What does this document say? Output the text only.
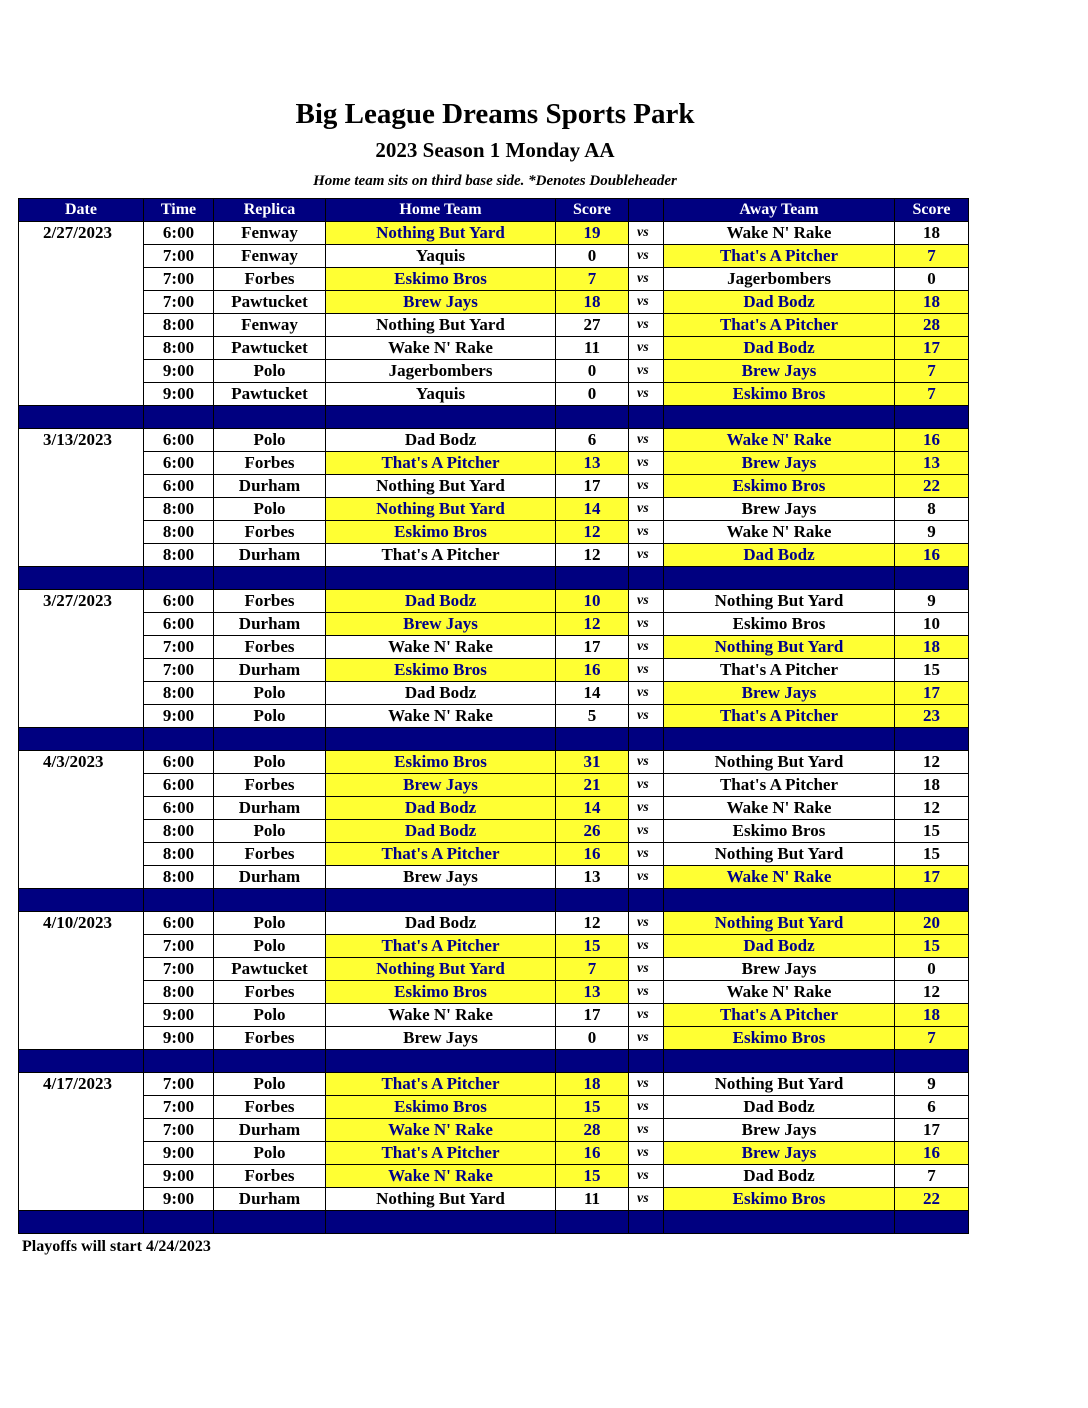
Big League Dreams Sports Park
2023 Season 1 Monday AA
Home team sits on third base side. *Denotes Doubleheader
Date	Time	Replica	Home Team	Score		Away Team	Score
2/27/2023	6:00	Fenway	Nothing But Yard	19	vs	Wake N' Rake	18
	7:00	Fenway	Yaquis	0	vs	That's A Pitcher	7
	7:00	Forbes	Eskimo Bros	7	vs	Jagerbombers	0
	7:00	Pawtucket	Brew Jays	18	vs	Dad Bodz	18
	8:00	Fenway	Nothing But Yard	27	vs	That's A Pitcher	28
	8:00	Pawtucket	Wake N' Rake	11	vs	Dad Bodz	17
	9:00	Polo	Jagerbombers	0	vs	Brew Jays	7
	9:00	Pawtucket	Yaquis	0	vs	Eskimo Bros	7

3/13/2023	6:00	Polo	Dad Bodz	6	vs	Wake N' Rake	16
	6:00	Forbes	That's A Pitcher	13	vs	Brew Jays	13
	6:00	Durham	Nothing But Yard	17	vs	Eskimo Bros	22
	8:00	Polo	Nothing But Yard	14	vs	Brew Jays	8
	8:00	Forbes	Eskimo Bros	12	vs	Wake N' Rake	9
	8:00	Durham	That's A Pitcher	12	vs	Dad Bodz	16

3/27/2023	6:00	Forbes	Dad Bodz	10	vs	Nothing But Yard	9
	6:00	Durham	Brew Jays	12	vs	Eskimo Bros	10
	7:00	Forbes	Wake N' Rake	17	vs	Nothing But Yard	18
	7:00	Durham	Eskimo Bros	16	vs	That's A Pitcher	15
	8:00	Polo	Dad Bodz	14	vs	Brew Jays	17
	9:00	Polo	Wake N' Rake	5	vs	That's A Pitcher	23

4/3/2023	6:00	Polo	Eskimo Bros	31	vs	Nothing But Yard	12
	6:00	Forbes	Brew Jays	21	vs	That's A Pitcher	18
	6:00	Durham	Dad Bodz	14	vs	Wake N' Rake	12
	8:00	Polo	Dad Bodz	26	vs	Eskimo Bros	15
	8:00	Forbes	That's A Pitcher	16	vs	Nothing But Yard	15
	8:00	Durham	Brew Jays	13	vs	Wake N' Rake	17

4/10/2023	6:00	Polo	Dad Bodz	12	vs	Nothing But Yard	20
	7:00	Polo	That's A Pitcher	15	vs	Dad Bodz	15
	7:00	Pawtucket	Nothing But Yard	7	vs	Brew Jays	0
	8:00	Forbes	Eskimo Bros	13	vs	Wake N' Rake	12
	9:00	Polo	Wake N' Rake	17	vs	That's A Pitcher	18
	9:00	Forbes	Brew Jays	0	vs	Eskimo Bros	7

4/17/2023	7:00	Polo	That's A Pitcher	18	vs	Nothing But Yard	9
	7:00	Forbes	Eskimo Bros	15	vs	Dad Bodz	6
	7:00	Durham	Wake N' Rake	28	vs	Brew Jays	17
	9:00	Polo	That's A Pitcher	16	vs	Brew Jays	16
	9:00	Forbes	Wake N' Rake	15	vs	Dad Bodz	7
	9:00	Durham	Nothing But Yard	11	vs	Eskimo Bros	22

Playoffs will start 4/24/2023
